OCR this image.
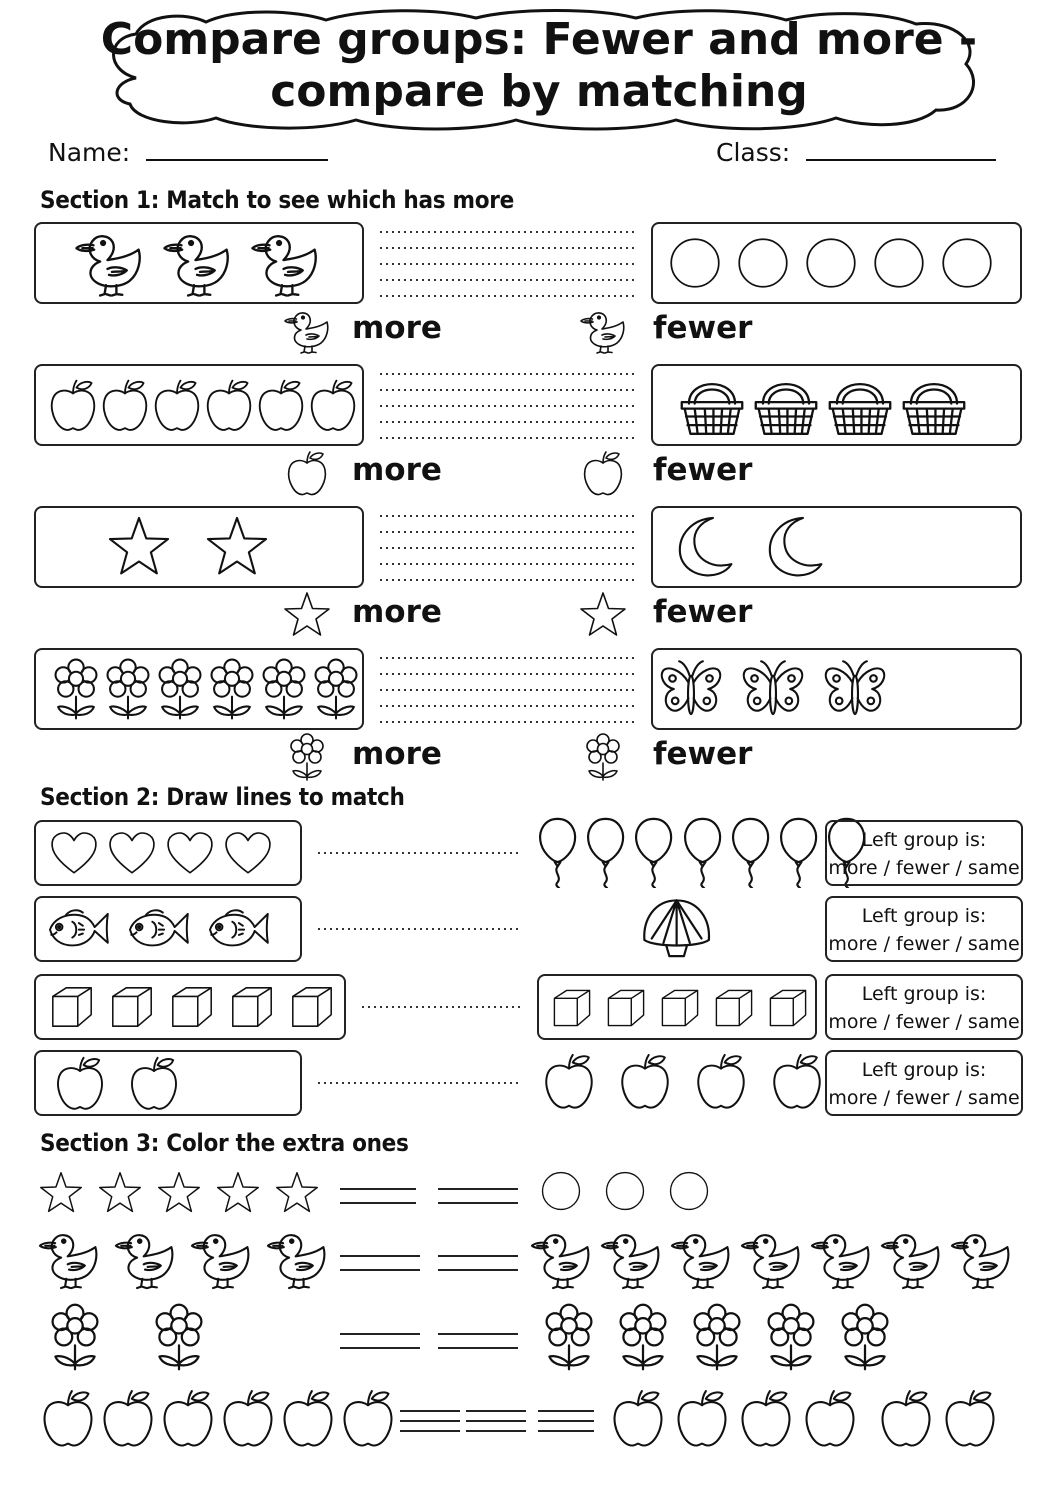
Compare groups: Fewer and more -
compare by matching
Name:	Class:
Section 1: Match to see which has more
Section 2: Draw lines to match
Section 3: Color the extra ones
more	fewer
more	fewer
more	fewer
more	fewer
Left group is:
more / fewer / same
Left group is:
more / fewer / same
Left group is:
more / fewer / same
Left group is:
more / fewer / same
